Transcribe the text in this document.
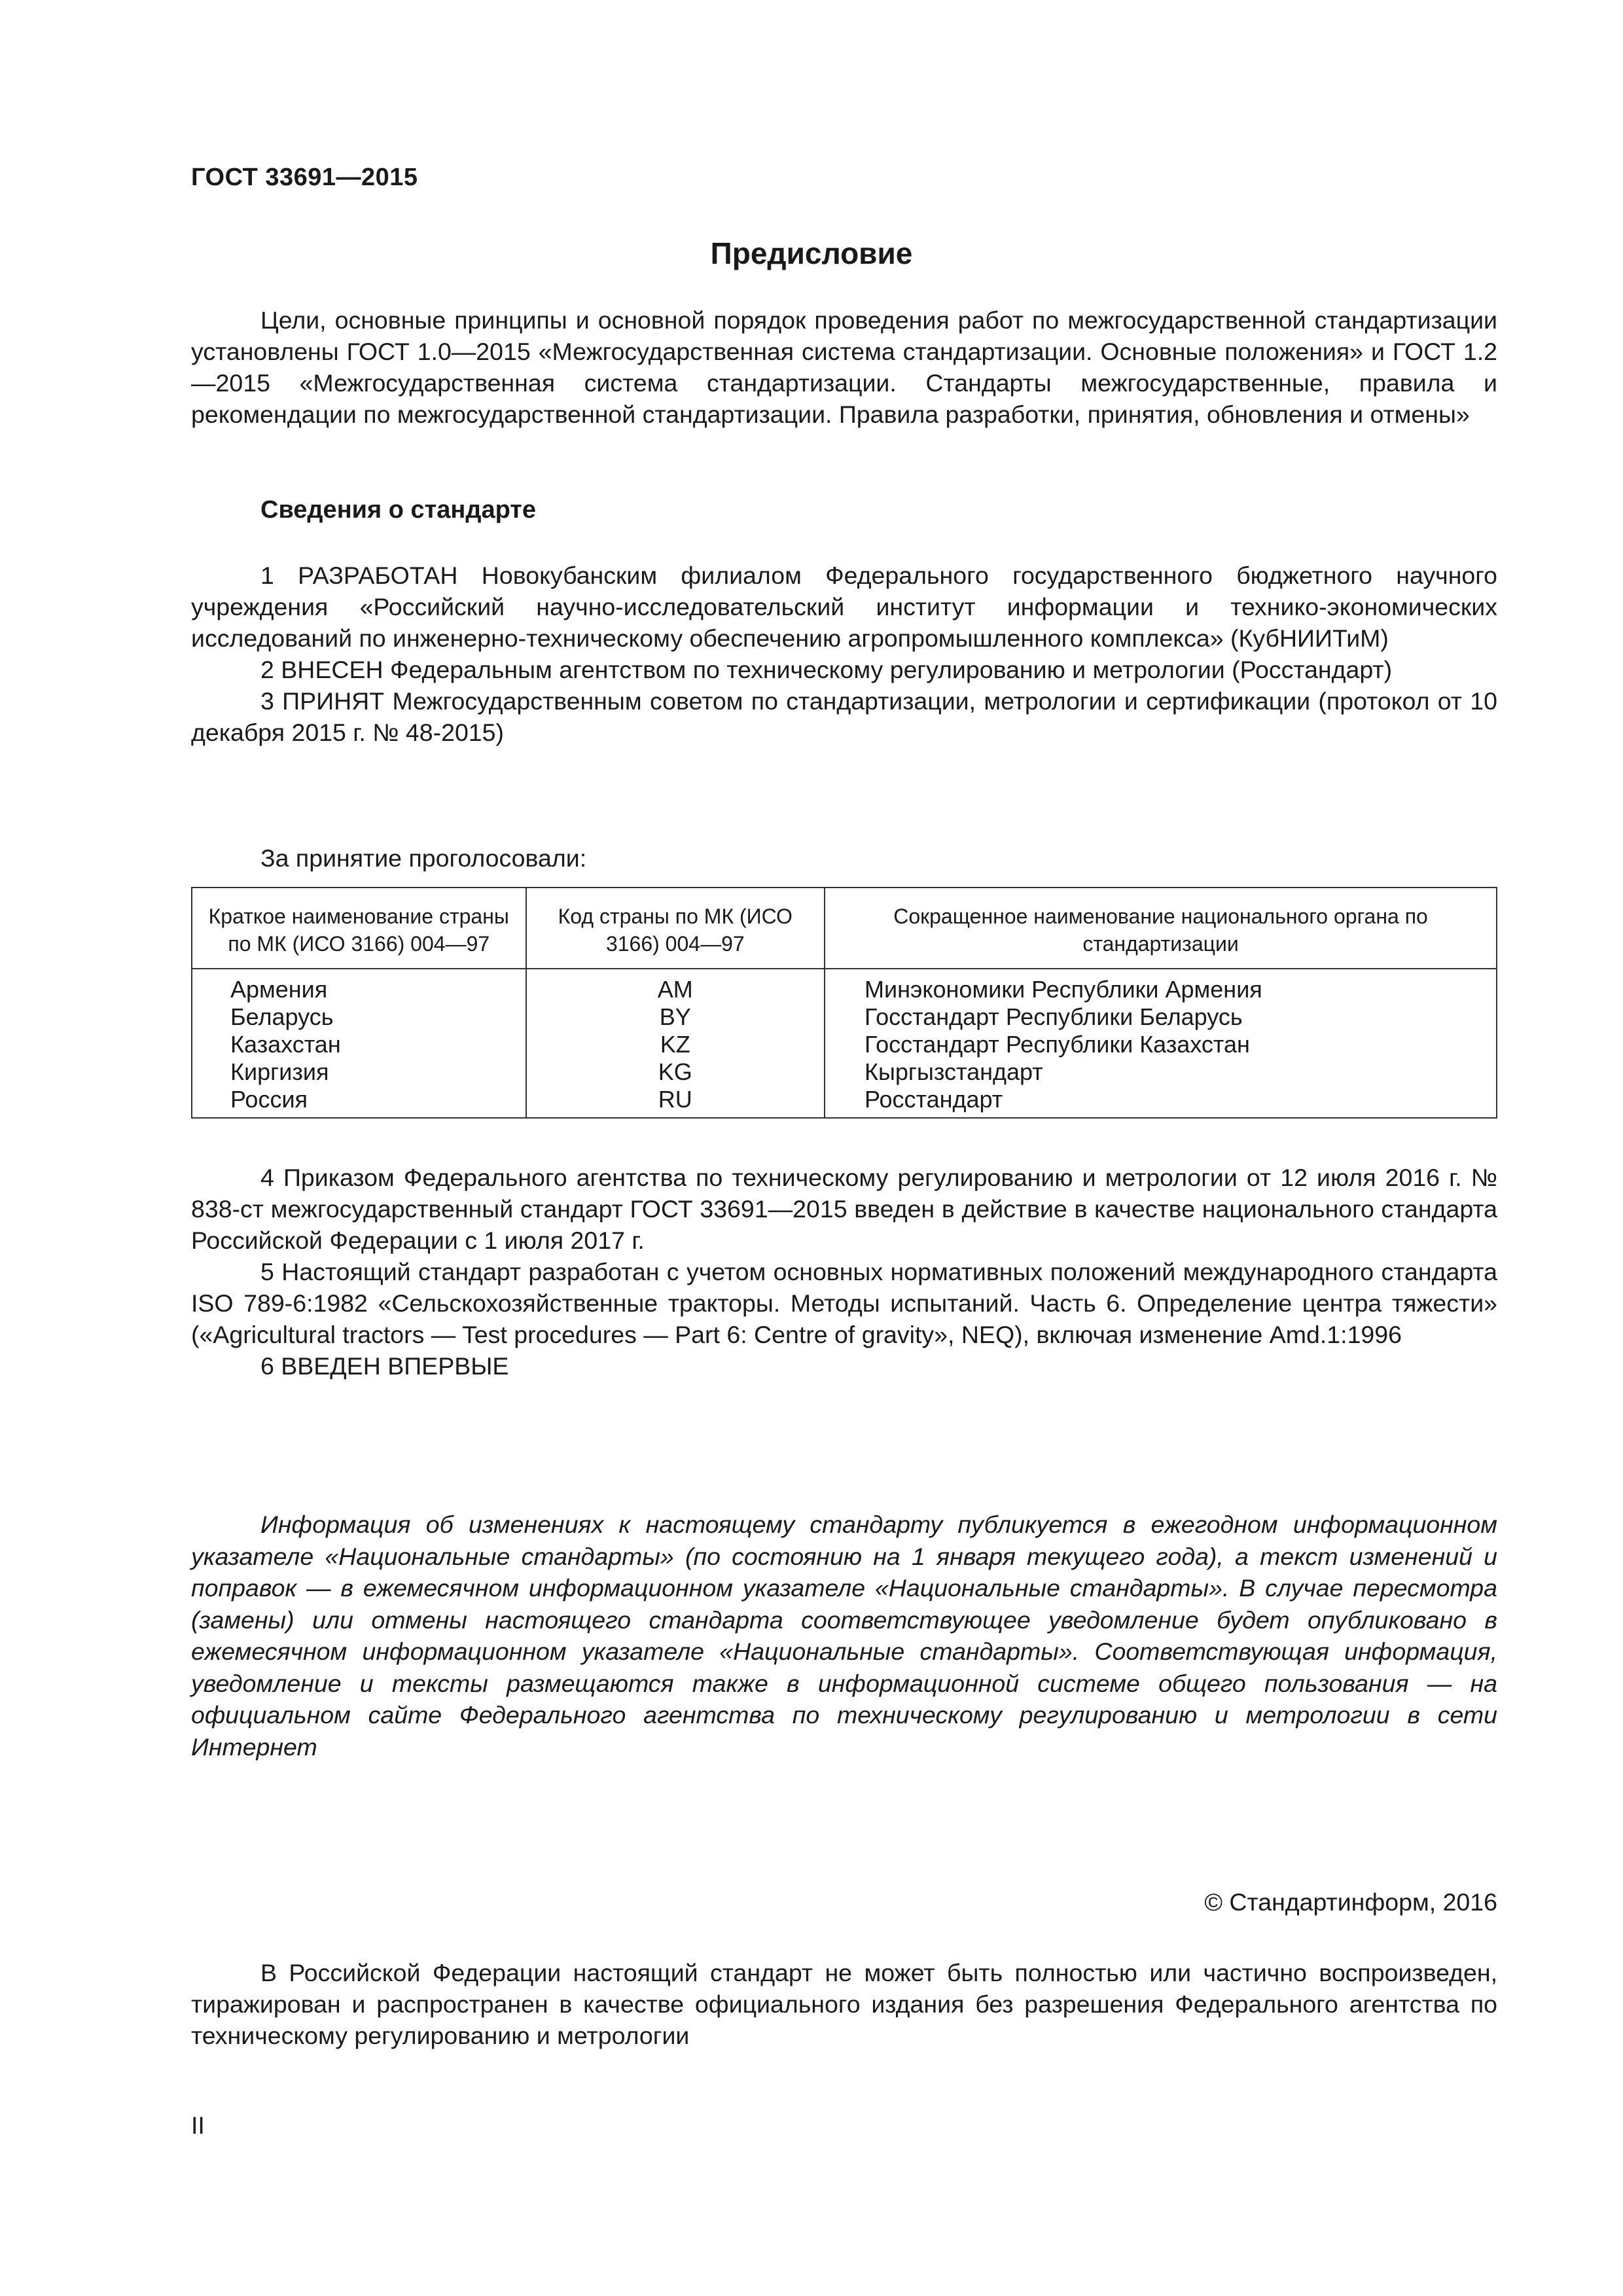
ГОСТ 33691—2015
Предисловие

Цели, основные принципы и основной порядок проведения работ по межгосударственной стандартизации установлены ГОСТ 1.0—2015 «Межгосударственная система стандартизации. Основные положения» и ГОСТ 1.2—2015 «Межгосударственная система стандартизации. Стандарты межгосударственные, правила и рекомендации по межгосударственной стандартизации. Правила разработки, принятия, обновления и отмены»

Сведения о стандарте

1 РАЗРАБОТАН Новокубанским филиалом Федерального государственного бюджетного научного учреждения «Российский научно-исследовательский институт информации и технико-экономических исследований по инженерно-техническому обеспечению агропромышленного комплекса» (КубНИИТиМ)

2 ВНЕСЕН Федеральным агентством по техническому регулированию и метрологии (Росстандарт)

3 ПРИНЯТ Межгосударственным советом по стандартизации, метрологии и сертификации (протокол от 10 декабря 2015 г. № 48-2015)

За принятие проголосовали:
Краткое наименование страны по МК (ИСО 3166) 004—97	Код страны по МК (ИСО 3166) 004—97	Сокращенное наименование национального органа по стандартизации
Армения	AM	Минэкономики Республики Армения
Беларусь	BY	Госстандарт Республики Беларусь
Казахстан	KZ	Госстандарт Республики Казахстан
Киргизия	KG	Кыргызстандарт
Россия	RU	Росстандарт

4 Приказом Федерального агентства по техническому регулированию и метрологии от 12 июля 2016 г. № 838-ст межгосударственный стандарт ГОСТ 33691—2015 введен в действие в качестве национального стандарта Российской Федерации с 1 июля 2017 г.

5 Настоящий стандарт разработан с учетом основных нормативных положений международного стандарта ISO 789-6:1982 «Сельскохозяйственные тракторы. Методы испытаний. Часть 6. Определение центра тяжести» («Agricultural tractors — Test procedures — Part 6: Centre of gravity», NEQ), включая изменение Amd.1:1996

6 ВВЕДЕН ВПЕРВЫЕ

Информация об изменениях к настоящему стандарту публикуется в ежегодном информационном указателе «Национальные стандарты» (по состоянию на 1 января текущего года), а текст изменений и поправок — в ежемесячном информационном указателе «Национальные стандарты». В случае пересмотра (замены) или отмены настоящего стандарта соответствующее уведомление будет опубликовано в ежемесячном информационном указателе «Национальные стандарты». Соответствующая информация, уведомление и тексты размещаются также в информационной системе общего пользования — на официальном сайте Федерального агентства по техническому регулированию и метрологии в сети Интернет

© Стандартинформ, 2016

В Российской Федерации настоящий стандарт не может быть полностью или частично воспроизведен, тиражирован и распространен в качестве официального издания без разрешения Федерального агентства по техническому регулированию и метрологии

II
